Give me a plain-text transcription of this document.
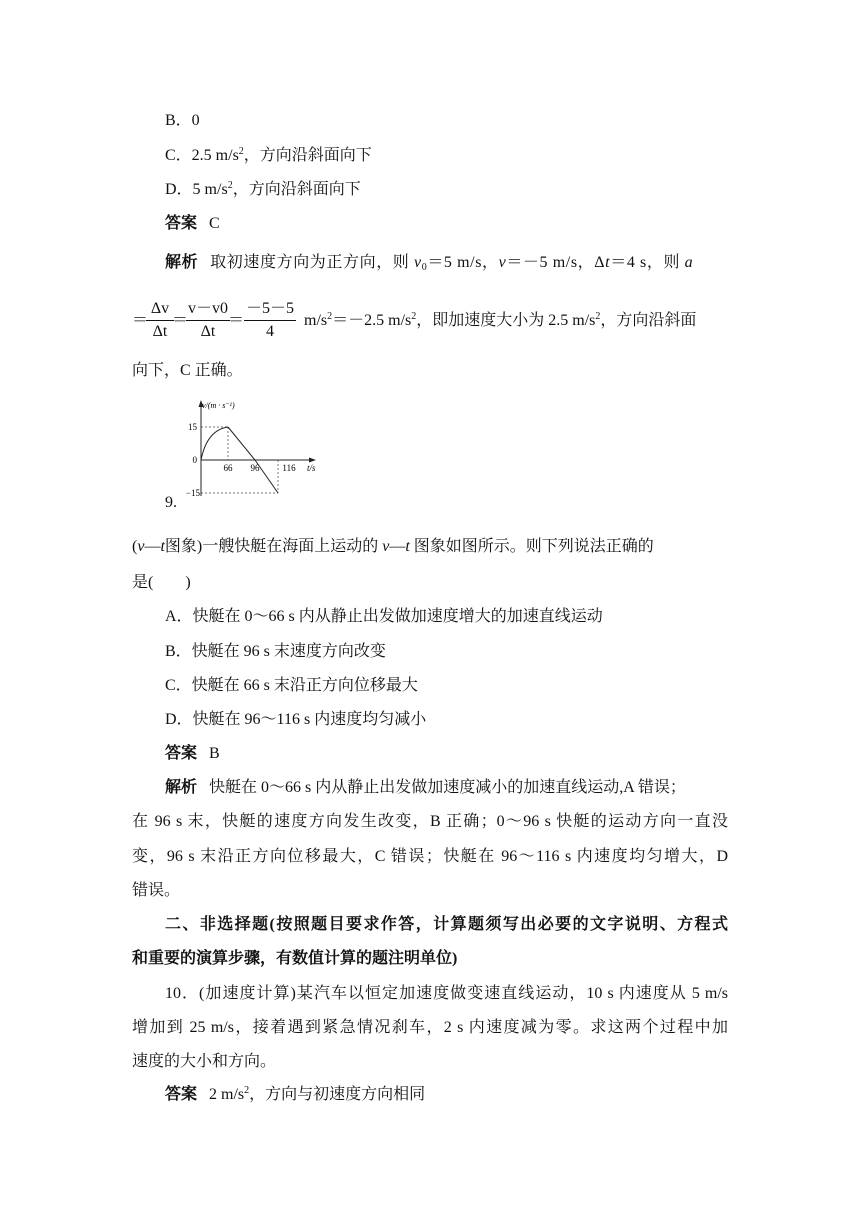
B．0
C．2.5 $m/s^2$，方向沿斜面向下
D．5 $m/s^2$，方向沿斜面向下
答案 C
解析 取初速度方向为正方向，则 $v_0=5$ m/s，v＝－5 m/s，Δt＝4 s，则 a
＝
Δv
Δt
＝
v－v0
Δt
＝
－5－5
4
$m/s^2=-2.5$ $m/s^2$，即加速度大小为 2.5 $m/s^2$，方向沿斜面
向下，C 正确。
v/(m · s⁻¹)
15
0
−15
66 96	116 t/s
9.
(v—t图象)一艘快艇在海面上运动的 v—t 图象如图所示。则下列说法正确的
是(　　)
A．快艇在 0～66 s 内从静止出发做加速度增大的加速直线运动
B．快艇在 96 s 末速度方向改变
C．快艇在 66 s 末沿正方向位移最大
D．快艇在 96～116 s 内速度均匀减小
答案 B
解析 快艇在 0～66 s 内从静止出发做加速度减小的加速直线运动,A 错误；
在 96 s 末，快艇的速度方向发生改变，B 正确；0～96 s 快艇的运动方向一直没
变，96 s 末沿正方向位移最大，C 错误；快艇在 96～116 s 内速度均匀增大，D
错误。
二、非选择题(按照题目要求作答，计算题须写出必要的文字说明、方程式
和重要的演算步骤，有数值计算的题注明单位)
10．(加速度计算)某汽车以恒定加速度做变速直线运动，10 s 内速度从 5 m/s
增加到 25 m/s，接着遇到紧急情况刹车，2 s 内速度减为零。求这两个过程中加
速度的大小和方向。
答案 2 $m/s^2$，方向与初速度方向相同
